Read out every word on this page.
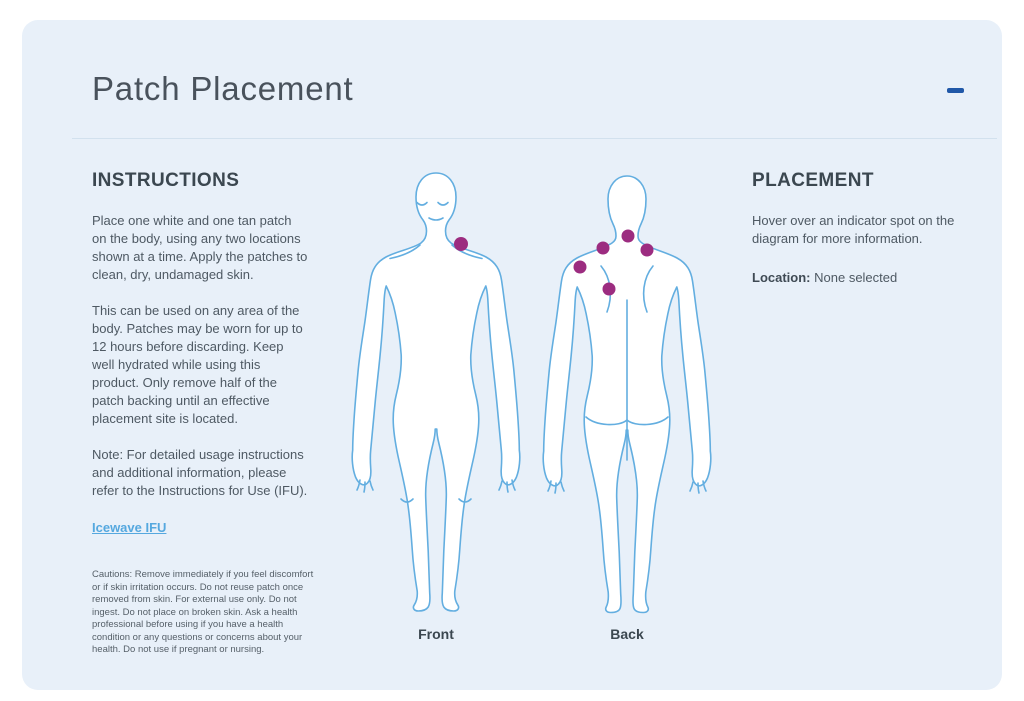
Patch Placement
INSTRUCTIONS

Place one white and one tan patch on the body, using any two locations shown at a time. Apply the patches to clean, dry, undamaged skin.

This can be used on any area of the body. Patches may be worn for up to 12 hours before discarding. Keep well hydrated while using this product. Only remove half of the patch backing until an effective placement site is located.

Note: For detailed usage instructions and additional information, please refer to the Instructions for Use (IFU).

Icewave IFU

Cautions: Remove immediately if you feel discomfort or if skin irritation occurs. Do not reuse patch once removed from skin. For external use only. Do not ingest. Do not place on broken skin. Ask a health professional before using if you have a health condition or any questions or concerns about your health. Do not use if pregnant or nursing.

Front	Back
PLACEMENT

Hover over an indicator spot on the diagram for more information.

Location: None selected
